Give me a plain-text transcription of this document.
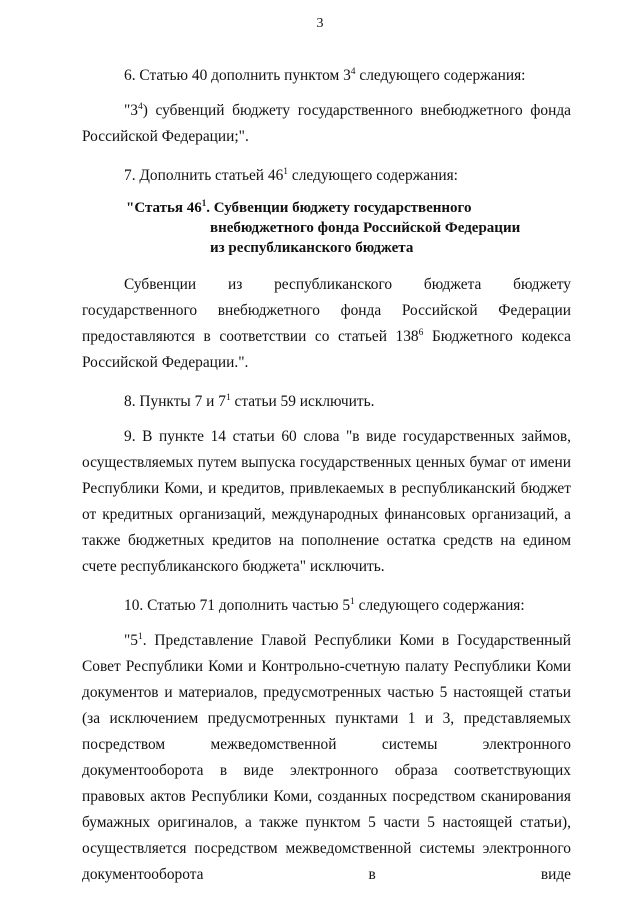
3

6. Статью 40 дополнить пунктом $3^4$ следующего содержания:

"$3^4$) субвенций бюджету государственного внебюджетного фонда Российской Федерации;".

7. Дополнить статьей $46^1$ следующего содержания:

"Статья $46^1$. Субвенции бюджету государственного
внебюджетного фонда Российской Федерации
из республиканского бюджета

Субвенции из республиканского бюджета бюджету государственного внебюджетного фонда Российской Федерации предоставляются в соответствии со статьей $138^6$ Бюджетного кодекса Российской Федерации.".

8. Пункты 7 и $7^1$ статьи 59 исключить.

9. В пункте 14 статьи 60 слова "в виде государственных займов, осуществляемых путем выпуска государственных ценных бумаг от имени Республики Коми, и кредитов, привлекаемых в республиканский бюджет от кредитных организаций, международных финансовых организаций, а также бюджетных кредитов на пополнение остатка средств на едином счете республиканского бюджета" исключить.

10. Статью 71 дополнить частью $5^1$ следующего содержания:

"$5^1$. Представление Главой Республики Коми в Государственный Совет Республики Коми и Контрольно-счетную палату Республики Коми документов и материалов, предусмотренных частью 5 настоящей статьи (за исключением предусмотренных пунктами 1 и 3, представляемых посредством межведомственной системы электронного документооборота в виде электронного образа соответствующих правовых актов Республики Коми, созданных посредством сканирования бумажных оригиналов, а также пунктом 5 части 5 настоящей статьи), осуществляется посредством межведомственной системы электронного документооборота в виде
